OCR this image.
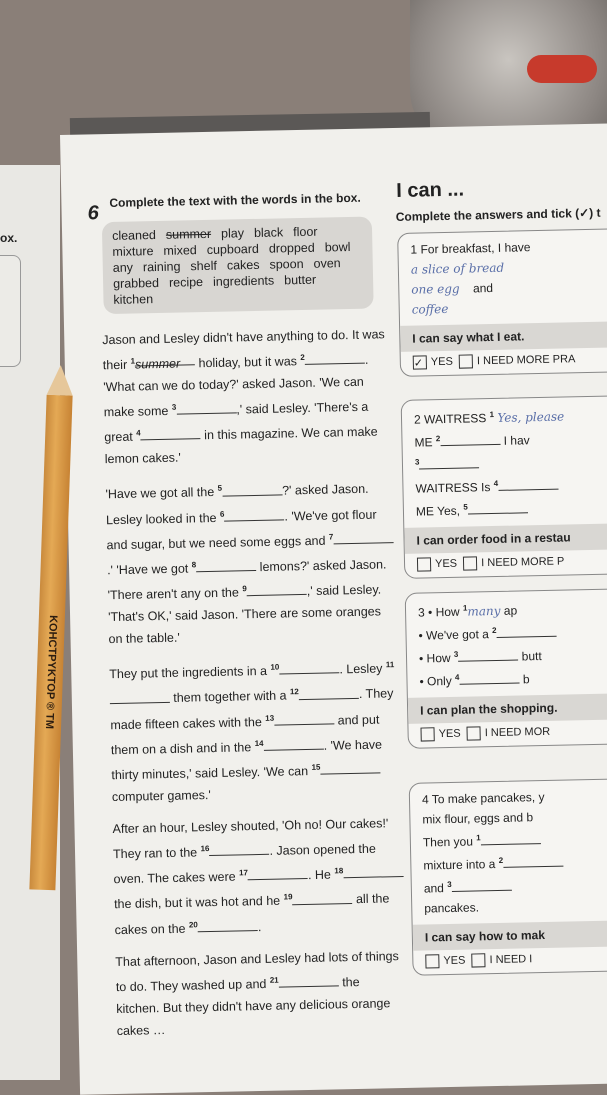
ox.
6
Complete the text with the words in the box.
cleaned summer play black floormixture mixed cupboard dropped bowlany raining shelf cakes spoon ovengrabbed recipe ingredients butterkitchen

Jason and Lesley didn't have anything to do. It was their $^1$summer holiday, but it was $^2$	. 'What can we do today?' asked Jason. 'We can make some $^3$	,' said Lesley. 'There's a great $^4$	in this magazine. We can make lemon cakes.'

'Have we got all the $^5$	?' asked Jason. Lesley looked in the $^6$	. 'We've got flour and sugar, but we need some eggs and $^7$.' 'Have we got $^8$	lemons?' asked Jason. 'There aren't any on the $^9$	,' said Lesley. 'That's OK,' said Jason. 'There are some oranges on the table.'

They put the ingredients in a $^{10}$	. Lesley $^{11}$ them together with a $^{12}$	. They made fifteen cakes with the $^{13}$	and put them on a dish and in the $^{14}$	. 'We have thirty minutes,' said Lesley. 'We can $^{15}$ computer games.'

After an hour, Lesley shouted, 'Oh no! Our cakes!' They ran to the $^{16}$	. Jason opened the oven. The cakes were $^{17}$	. He $^{18}$ the dish, but it was hot and he $^{19}$	all the cakes on the $^{20}$	.

That afternoon, Jason and Lesley had lots of things to do. They washed up and $^{21}$	the kitchen. But they didn't have any delicious orange cakes …

I can ...
Complete the answers and tick (✓) t
1 For breakfast, I have
a slice of bread
one egg and
coffee
I can say what I eat.
✓ YES I NEED MORE PRA
2 WAITRESS $^1$ Yes, please
ME $^2$	I hav
$^3$
WAITRESS Is $^4$
ME Yes, $^5$
I can order food in a restau
YES I NEED MORE P
3 • How $^1$many ap
• We've got a $^2$
• How $^3$	butt
• Only $^4$	b
I can plan the shopping.
YES I NEED MOR
4 To make pancakes, y
mix flour, eggs and b
Then you $^1$
mixture into a $^2$
and $^3$
pancakes.
I can say how to mak
YES I NEED I
KOHCTPYKTOP ® TM
